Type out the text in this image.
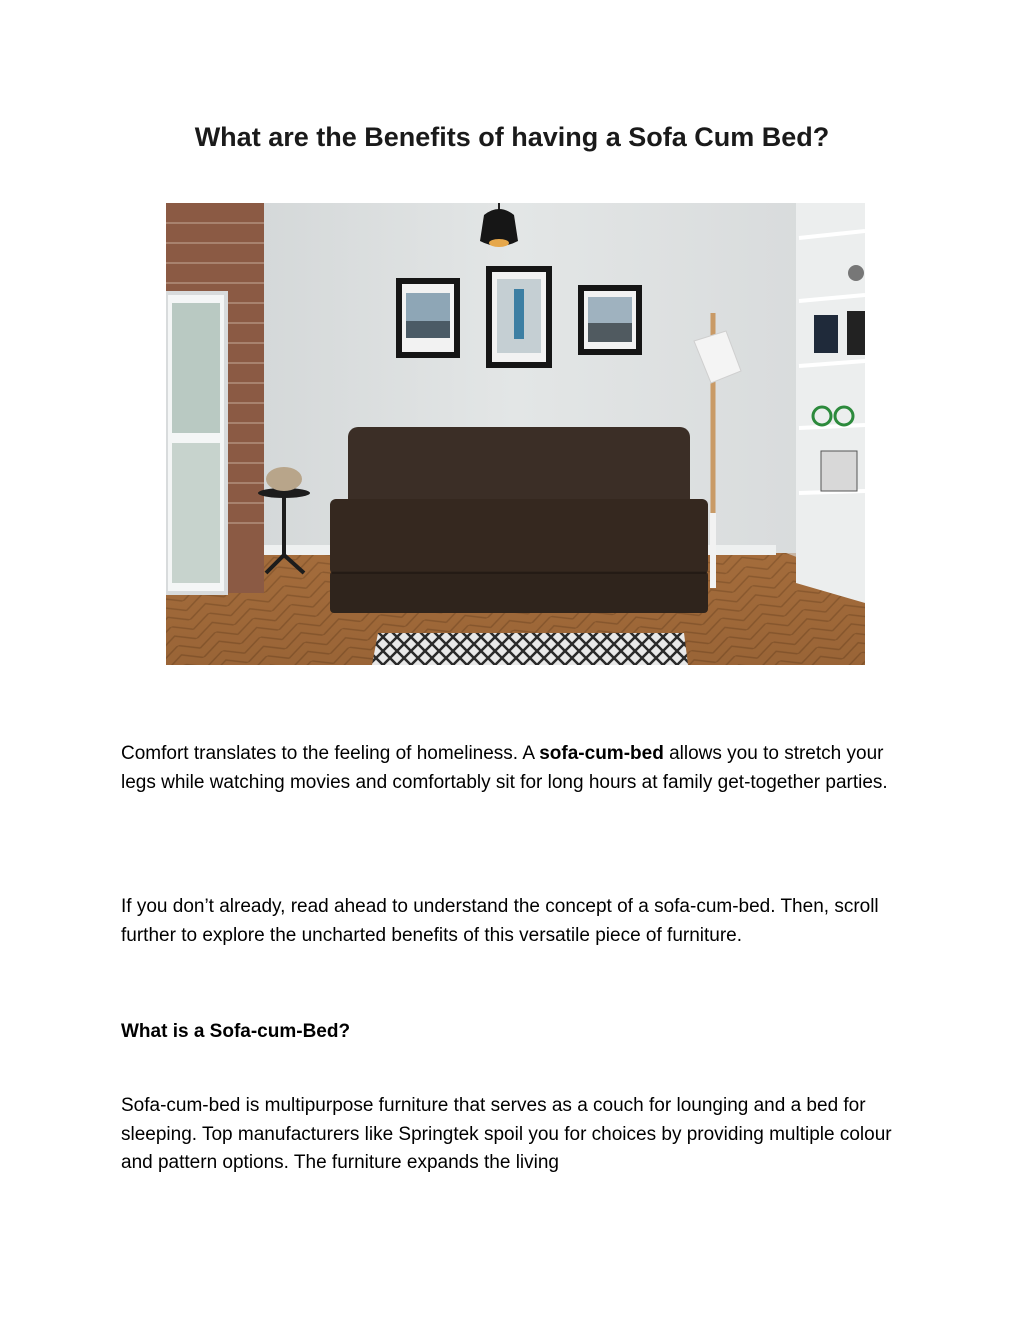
What are the Benefits of having a Sofa Cum Bed?

Comfort translates to the feeling of homeliness. A sofa-cum-bed allows you to stretch your legs while watching movies and comfortably sit for long hours at family get-together parties.

If you don’t already, read ahead to understand the concept of a sofa-cum-bed. Then, scroll further to explore the uncharted benefits of this versatile piece of furniture.

What is a Sofa-cum-Bed?

Sofa-cum-bed is multipurpose furniture that serves as a couch for lounging and a bed for sleeping. Top manufacturers like Springtek spoil you for choices by providing multiple colour and pattern options. The furniture expands the living
